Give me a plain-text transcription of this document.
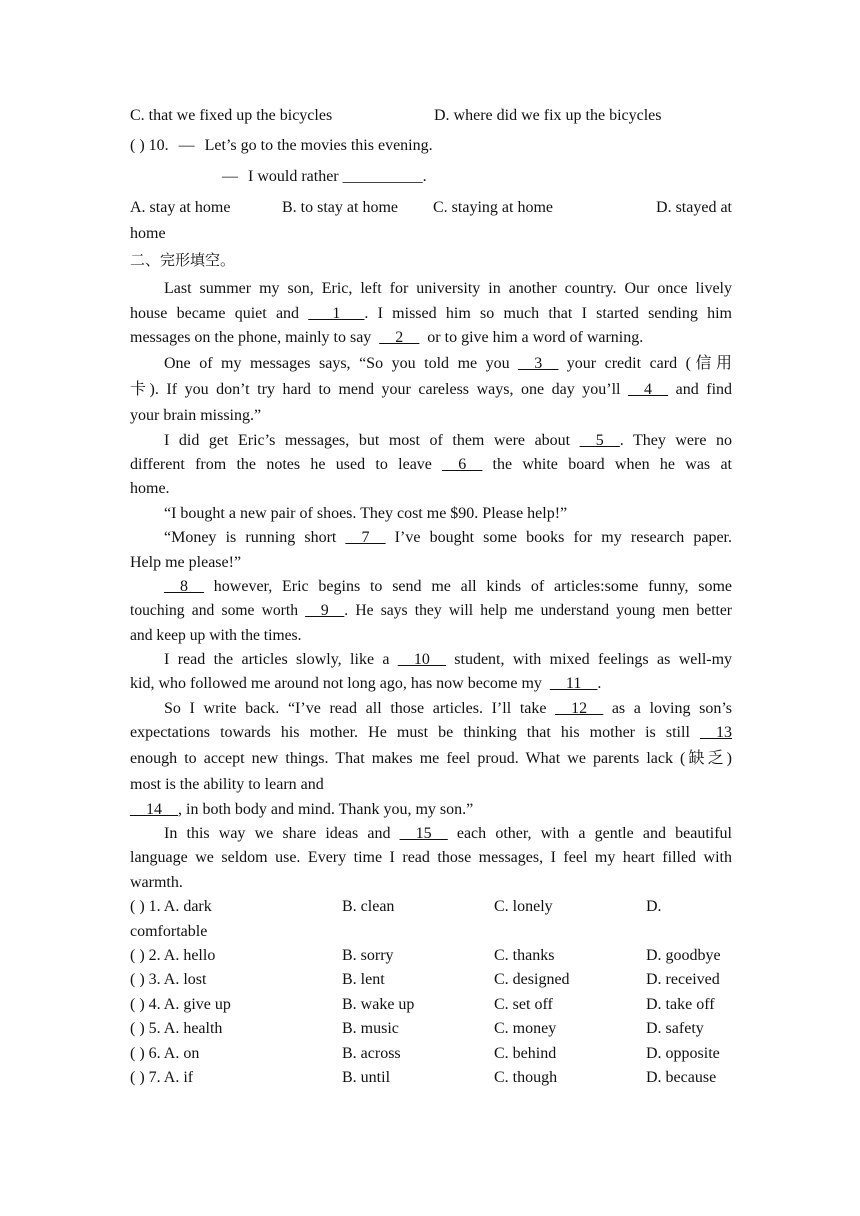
C. that we fixed up the bicycles	D. where did we fix up the bicycles
( ) 10. — Let’s go to the movies this evening.
— I would rather __________.
A. stay at home	B. to stay at home	C. staying at home	D. stayed at
home
二、完形填空。
Last summer my son, Eric, left for university in another country. Our once lively
house became quiet and ___1___. I missed him so much that I started sending him
messages on the phone, mainly to say __2__ or to give him a word of warning.
One of my messages says, “So you told me you __3__ your credit card (信用
卡). If you don’t try hard to mend your careless ways, one day you’ll __4__ and find
your brain missing.”
I did get Eric’s messages, but most of them were about __5__. They were no
different from the notes he used to leave __6__ the white board when he was at
home.
“I bought a new pair of shoes. They cost me $90. Please help!”
“Money is running short __7__ I’ve bought some books for my research paper.
Help me please!”
__8__ however, Eric begins to send me all kinds of articles:some funny, some
touching and some worth __9__. He says they will help me understand young men better
and keep up with the times.
I read the articles slowly, like a __10__ student, with mixed feelings as well-my
kid, who followed me around not long ago, has now become my __11__.
So I write back. “I’ve read all those articles. I’ll take __12__ as a loving son’s
expectations towards his mother. He must be thinking that his mother is still __13
enough to accept new things. That makes me feel proud. What we parents lack (缺乏)
most is the ability to learn and
__14__, in both body and mind. Thank you, my son.”
In this way we share ideas and __15__ each other, with a gentle and beautiful
language we seldom use. Every time I read those messages, I feel my heart filled with
warmth.
( ) 1. A. dark	B. clean	C. lonely	D.
comfortable
( ) 2. A. hello	B. sorry	C. thanks	D. goodbye
( ) 3. A. lost	B. lent	C. designed	D. received
( ) 4. A. give up	B. wake up	C. set off	D. take off
( ) 5. A. health	B. music	C. money	D. safety
( ) 6. A. on	B. across	C. behind	D. opposite
( ) 7. A. if	B. until	C. though	D. because
